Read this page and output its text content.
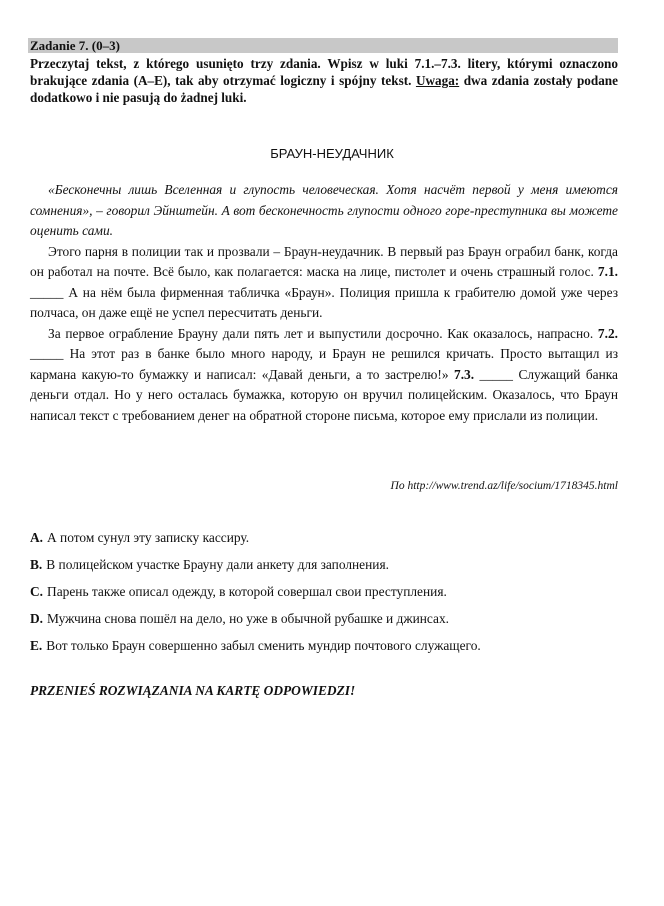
Zadanie 7. (0–3)
Przeczytaj tekst, z którego usunięto trzy zdania. Wpisz w luki 7.1.–7.3. litery, którymi oznaczono brakujące zdania (A–E), tak aby otrzymać logiczny i spójny tekst. Uwaga: dwa zdania zostały podane dodatkowo i nie pasują do żadnej luki.
БРАУН-НЕУДАЧНИК

«Бесконечны лишь Вселенная и глупость человеческая. Хотя насчёт первой у меня имеются сомнения», – говорил Эйнштейн. А вот бесконечность глупости одного горе-преступника вы можете оценить сами.

Этого парня в полиции так и прозвали – Браун-неудачник. В первый раз Браун ограбил банк, когда он работал на почте. Всё было, как полагается: маска на лице, пистолет и очень страшный голос. 7.1. _____ А на нём была фирменная табличка «Браун». Полиция пришла к грабителю домой уже через полчаса, он даже ещё не успел пересчитать деньги.

За первое ограбление Брауну дали пять лет и выпустили досрочно. Как оказалось, напрасно. 7.2. _____ На этот раз в банке было много народу, и Браун не решился кричать. Просто вытащил из кармана какую-то бумажку и написал: «Давай деньги, а то застрелю!» 7.3. _____ Служащий банка деньги отдал. Но у него осталась бумажка, которую он вручил полицейским. Оказалось, что Браун написал текст с требованием денег на обратной стороне письма, которое ему прислали из полиции.

По http://www.trend.az/life/socium/1718345.html
A. А потом сунул эту записку кассиру.
B. В полицейском участке Брауну дали анкету для заполнения.
C. Парень также описал одежду, в которой совершал свои преступления.
D. Мужчина снова пошёл на дело, но уже в обычной рубашке и джинсах.
E. Вот только Браун совершенно забыл сменить мундир почтового служащего.
PRZENIEŚ ROZWIĄZANIA NA KARTĘ ODPOWIEDZI!
